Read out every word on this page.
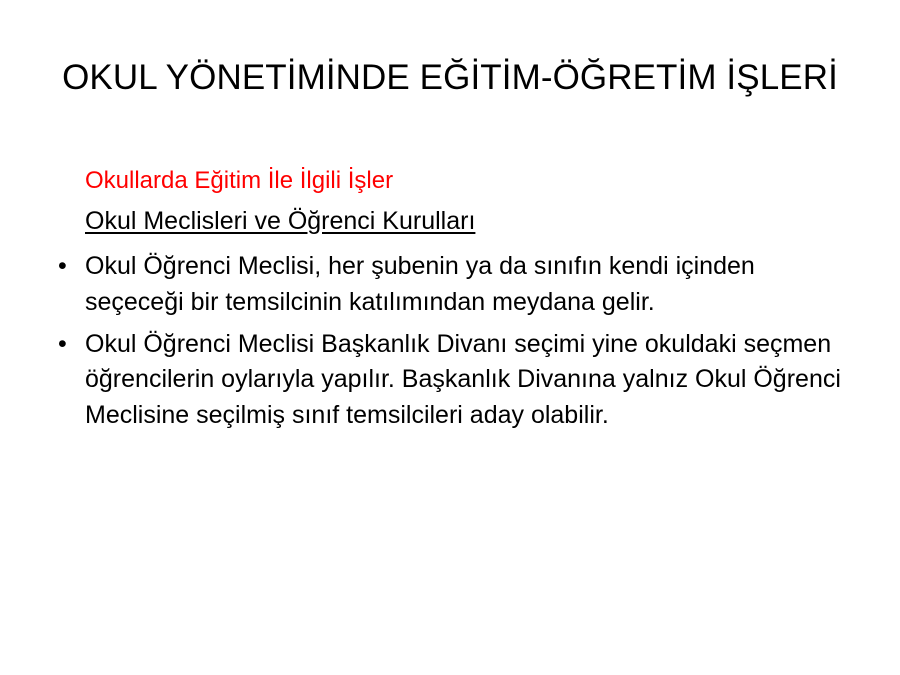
OKUL YÖNETİMİNDE EĞİTİM-ÖĞRETİM İŞLERİ
Okullarda Eğitim İle İlgili İşler
Okul Meclisleri ve Öğrenci Kurulları
• Okul Öğrenci Meclisi, her şubenin ya da sınıfın kendi içinden seçeceği bir temsilcinin katılımından meydana gelir.
• Okul Öğrenci Meclisi Başkanlık Divanı seçimi yine okuldaki seçmen öğrencilerin oylarıyla yapılır. Başkanlık Divanına yalnız Okul Öğrenci Meclisine seçilmiş sınıf temsilcileri aday olabilir.
